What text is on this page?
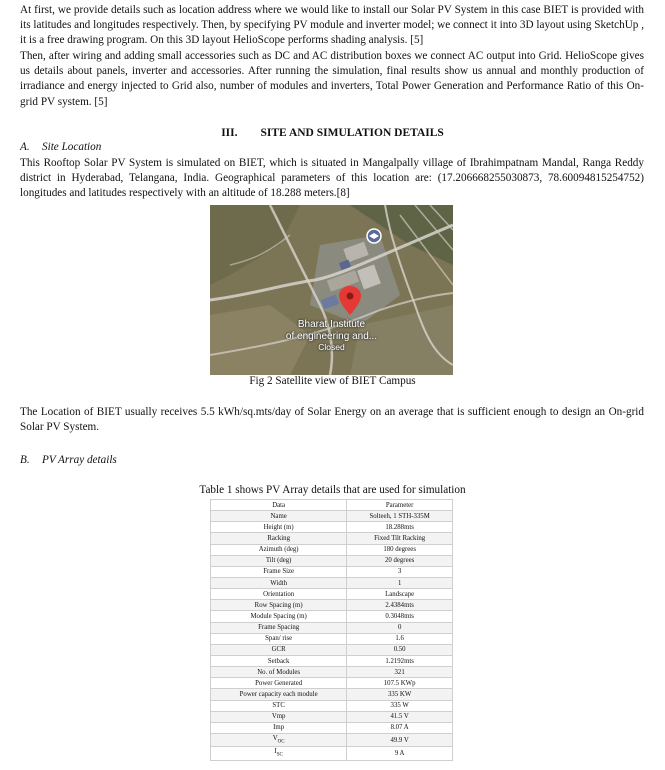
At first, we provide details such as location address where we would like to install our Solar PV System in this case BIET is provided with its latitudes and longitudes respectively. Then, by specifying PV module and inverter model; we connect it into 3D layout using SketchUp , it is a free drawing program. On this 3D layout HelioScope performs shading analysis. [5]

Then, after wiring and adding small accessories such as DC and AC distribution boxes we connect AC output into Grid. HelioScope gives us details about panels, inverter and accessories. After running the simulation, final results show us annual and monthly production of irradiance and energy injected to Grid also, number of modules and inverters, Total Power Generation and Performance Ratio of this On-grid PV system. [5]

III.  SITE AND SIMULATION DETAILS

A. Site Location

This Rooftop Solar PV System is simulated on BIET, which is situated in Mangalpally village of Ibrahimpatnam Mandal, Ranga Reddy district in Hyderabad, Telangana, India. Geographical parameters of this location are: (17.206668255030873, 78.60094815254752) longitudes and latitudes respectively with an altitude of 18.288 meters.[8]

Bharat Institute
of engineering and...
Closed

Fig 2 Satellite view of BIET Campus

The Location of BIET usually receives 5.5 kWh/sq.mts/day of Solar Energy on an average that is sufficient enough to design an On-grid Solar PV System.

B. PV Array details

Table 1 shows PV Array details that are used for simulation

Data	Parameter
Name	Solteeh, 1 STH-335M
Height (m)	18.288mts
Racking	Fixed Tilt Racking
Azimuth (deg)	180 degrees
Tilt (deg)	20 degrees
Frame Size	3
Width	1
Orientation	Landscape
Row Spacing (m)	2.4384mts
Module Spacing (m)	0.3048mts
Frame Spacing	0
Span/ rise	1.6
GCR	0.50
Setback	1.2192mts
No. of Modules	321
Power Generated	107.5 KWp
Power capacity each module	335 KW
STC	335 W
Vmp	41.5 V
Imp	8.07 A
$V_{OC}$	49.9 V
$I_{SC}$	9 A
